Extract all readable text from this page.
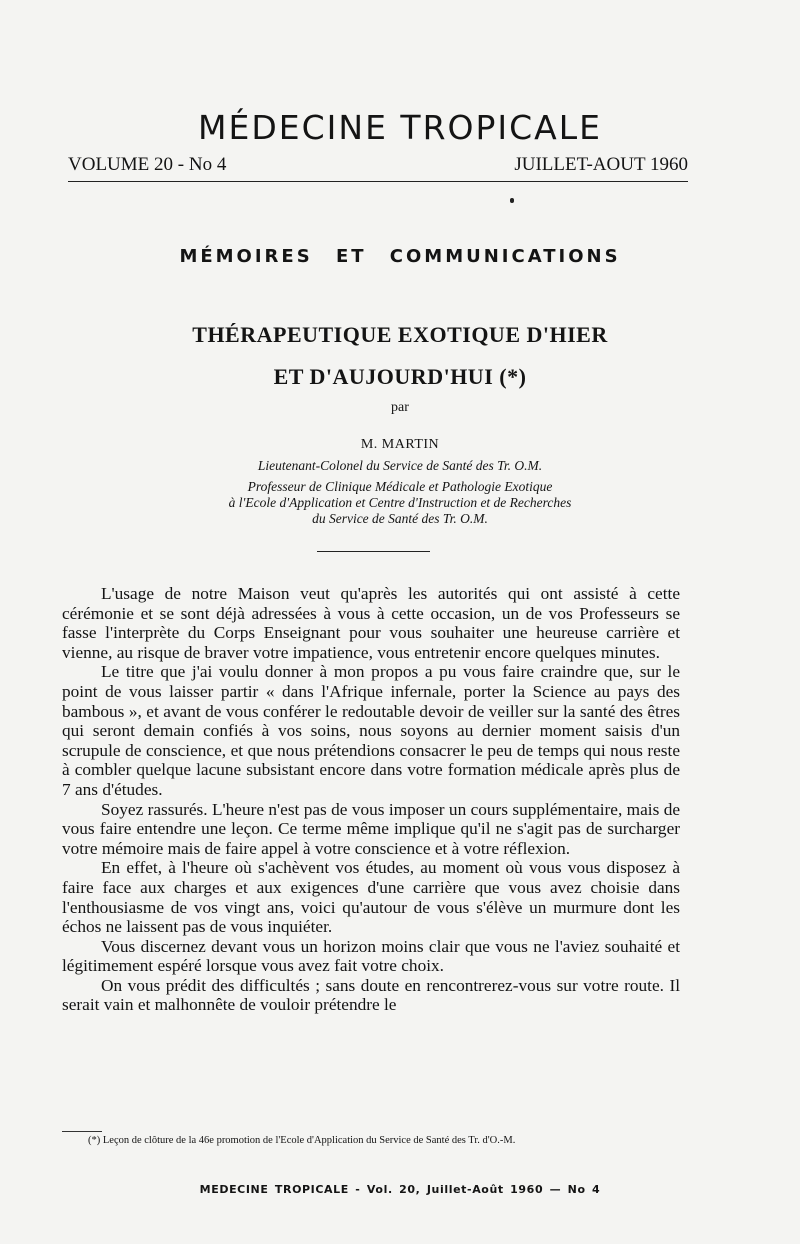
MÉDECINE TROPICALE
VOLUME 20 - No 4	JUILLET-AOUT 1960
MÉMOIRES ET COMMUNICATIONS
THÉRAPEUTIQUE EXOTIQUE D'HIER
ET D'AUJOURD'HUI (*)
par
M. MARTIN
Lieutenant-Colonel du Service de Santé des Tr. O.M.
Professeur de Clinique Médicale et Pathologie Exotique
à l'Ecole d'Application et Centre d'Instruction et de Recherches
du Service de Santé des Tr. O.M.

L'usage de notre Maison veut qu'après les autorités qui ont assisté à cette cérémonie et se sont déjà adressées à vous à cette occasion, un de vos Professeurs se fasse l'interprète du Corps Enseignant pour vous souhaiter une heureuse carrière et vienne, au risque de braver votre impatience, vous entretenir encore quelques minutes.

Le titre que j'ai voulu donner à mon propos a pu vous faire craindre que, sur le point de vous laisser partir « dans l'Afrique infernale, porter la Science au pays des bambous », et avant de vous conférer le redoutable devoir de veiller sur la santé des êtres qui seront demain confiés à vos soins, nous soyons au dernier moment saisis d'un scrupule de conscience, et que nous prétendions consacrer le peu de temps qui nous reste à combler quelque lacune subsistant encore dans votre formation médicale après plus de 7 ans d'études.

Soyez rassurés. L'heure n'est pas de vous imposer un cours supplémentaire, mais de vous faire entendre une leçon. Ce terme même implique qu'il ne s'agit pas de surcharger votre mémoire mais de faire appel à votre conscience et à votre réflexion.

En effet, à l'heure où s'achèvent vos études, au moment où vous vous disposez à faire face aux charges et aux exigences d'une carrière que vous avez choisie dans l'enthousiasme de vos vingt ans, voici qu'autour de vous s'élève un murmure dont les échos ne laissent pas de vous inquiéter.

Vous discernez devant vous un horizon moins clair que vous ne l'aviez souhaité et légitimement espéré lorsque vous avez fait votre choix.

On vous prédit des difficultés ; sans doute en rencontrerez-vous sur votre route. Il serait vain et malhonnête de vouloir prétendre le

(*) Leçon de clôture de la 46e promotion de l'Ecole d'Application du Service de Santé des Tr. d'O.-M.
MEDECINE TROPICALE - Vol. 20, Juillet-Août 1960 — No 4
